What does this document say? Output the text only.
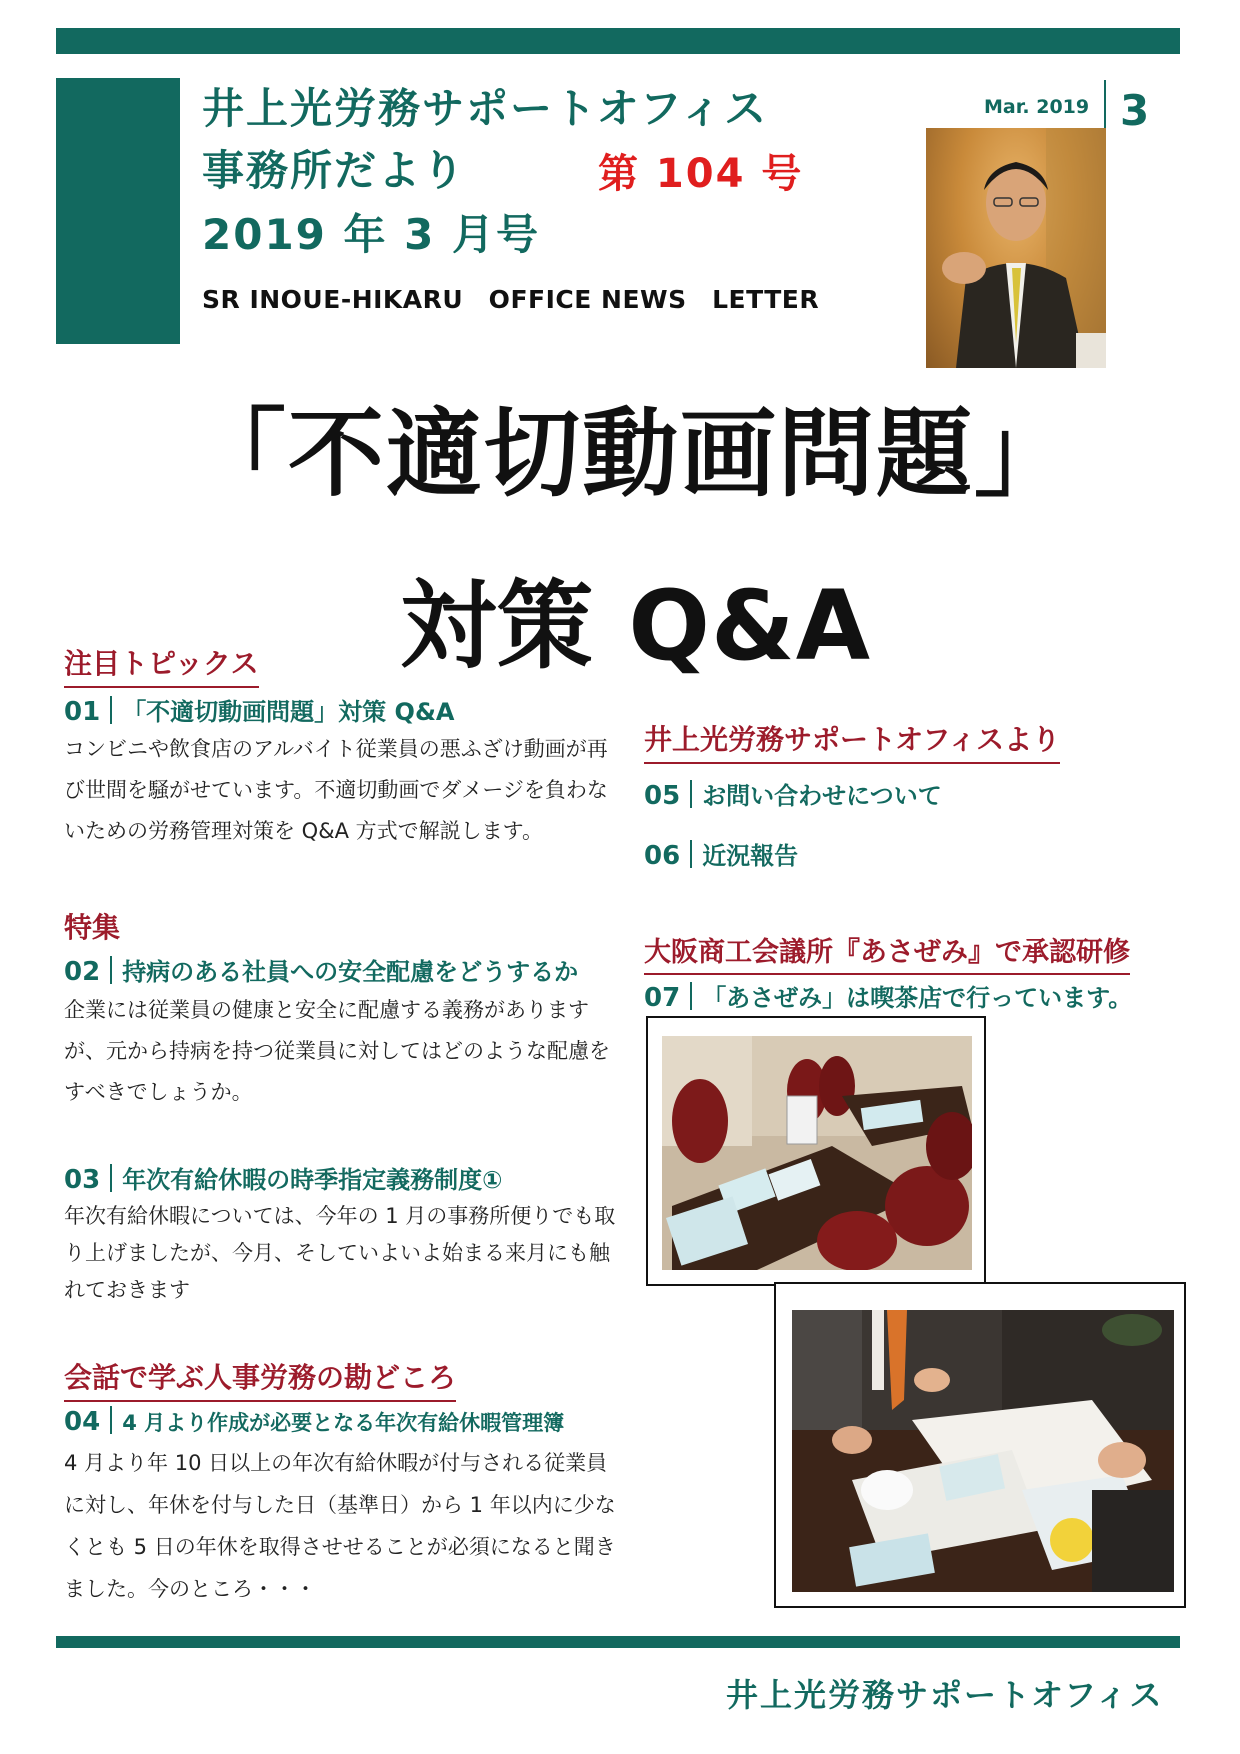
井上光労務サポートオフィス
事務所だより	第 104 号
2019 年 3 月号
SR INOUE-HIKARU　OFFICE NEWS　LETTER
Mar. 2019 3
「不適切動画問題」
対策 Q&A
注目トピックス
01 「不適切動画問題」対策 Q&A
コンビニや飲食店のアルバイト従業員の悪ふざけ動画が再び世間を騒がせています。不適切動画でダメージを負わないための労務管理対策を Q&A 方式で解説します。
特集
02 持病のある社員への安全配慮をどうするか
企業には従業員の健康と安全に配慮する義務がありますが、元から持病を持つ従業員に対してはどのような配慮をすべきでしょうか。
03 年次有給休暇の時季指定義務制度①
年次有給休暇については、今年の 1 月の事務所便りでも取り上げましたが、今月、そしていよいよ始まる来月にも触れておきます
会話で学ぶ人事労務の勘どころ
04 4 月より作成が必要となる年次有給休暇管理簿
4 月より年 10 日以上の年次有給休暇が付与される従業員に対し、年休を付与した日（基準日）から 1 年以内に少なくとも 5 日の年休を取得させせることが必須になると聞きました。今のところ・・・
井上光労務サポートオフィスより
05 お問い合わせについて
06 近況報告
大阪商工会議所『あさぜみ』で承認研修
07 「あさぜみ」は喫茶店で行っています。
井上光労務サポートオフィス
